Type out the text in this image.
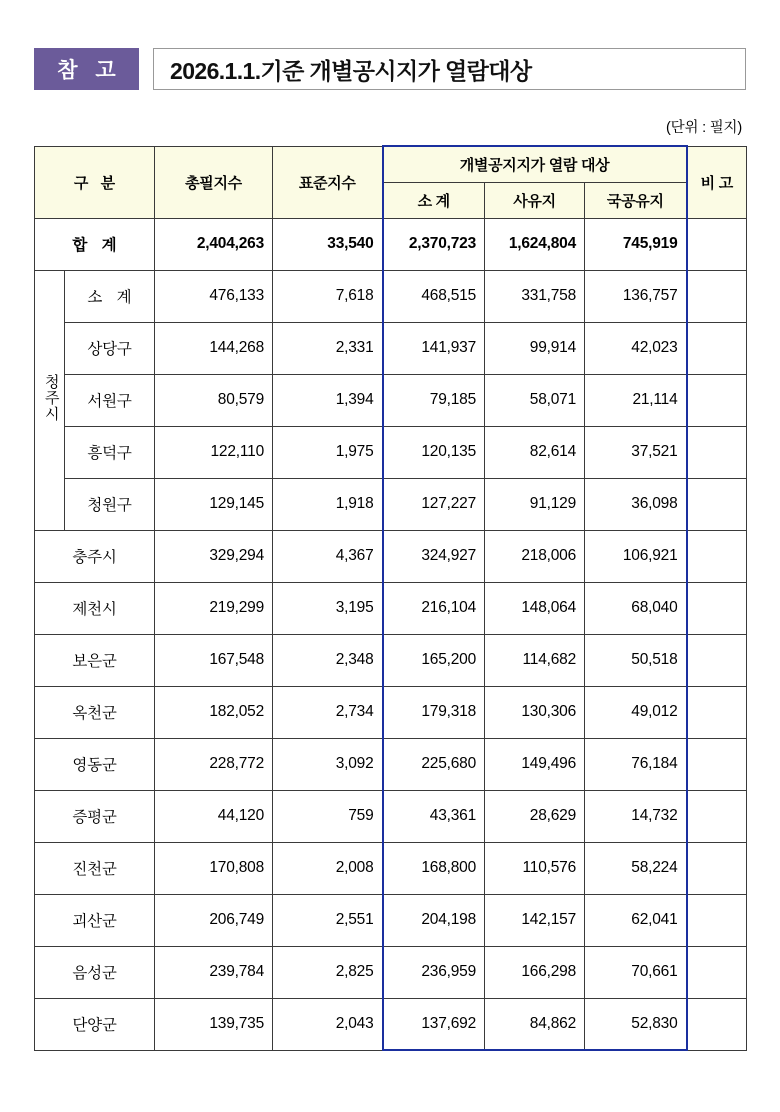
참 고	2026.1.1.기준 개별공시지가 열람대상
(단위 : 필지)
구 분		총필지수	표준지수	개별공지지가 열람 대상			비 고
				소 계	사유지	국공유지	
합 계		2,404,263	33,540	2,370,723	1,624,804	745,919	
청주시	소 계	476,133	7,618	468,515	331,758	136,757	
	상당구	144,268	2,331	141,937	99,914	42,023	
	서원구	80,579	1,394	79,185	58,071	21,114	
	흥덕구	122,110	1,975	120,135	82,614	37,521	
	청원구	129,145	1,918	127,227	91,129	36,098	
충주시		329,294	4,367	324,927	218,006	106,921	
제천시		219,299	3,195	216,104	148,064	68,040	
보은군		167,548	2,348	165,200	114,682	50,518	
옥천군		182,052	2,734	179,318	130,306	49,012	
영동군		228,772	3,092	225,680	149,496	76,184	
증평군		44,120	759	43,361	28,629	14,732	
진천군		170,808	2,008	168,800	110,576	58,224	
괴산군		206,749	2,551	204,198	142,157	62,041	
음성군		239,784	2,825	236,959	166,298	70,661	
단양군		139,735	2,043	137,692	84,862	52,830	
